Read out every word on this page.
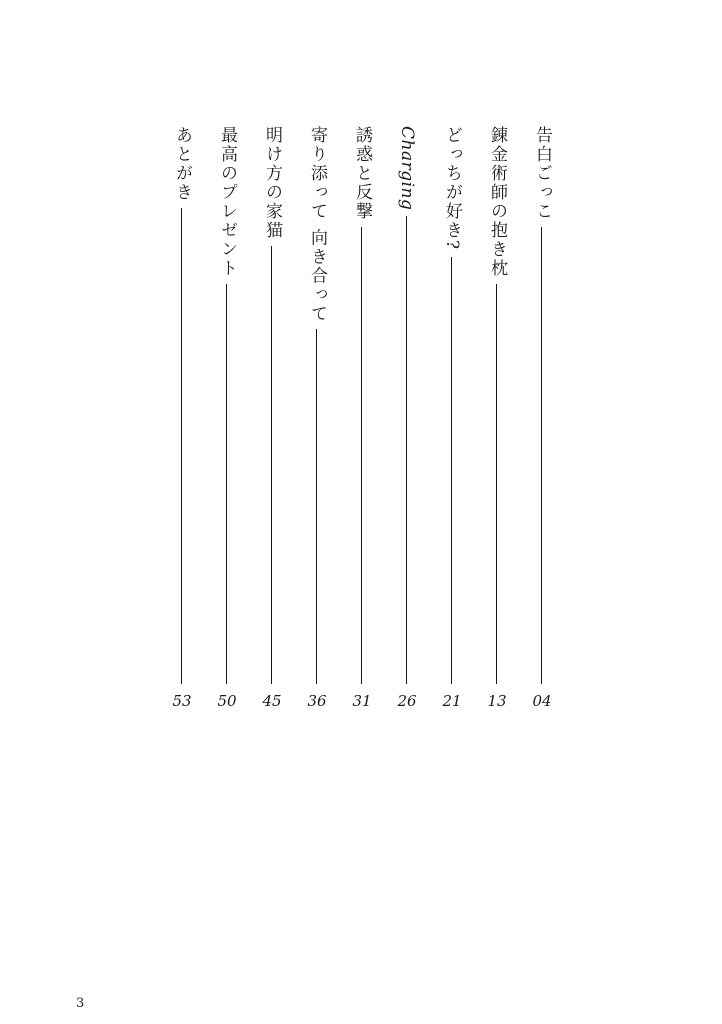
告白ごっこ
04
錬金術師の抱き枕
13
どっちが好き?
21
Charging
26
誘惑と反撃
31
寄り添って 向き合って
36
明け方の家猫
45
最高のプレゼント
50
あとがき
53
3
